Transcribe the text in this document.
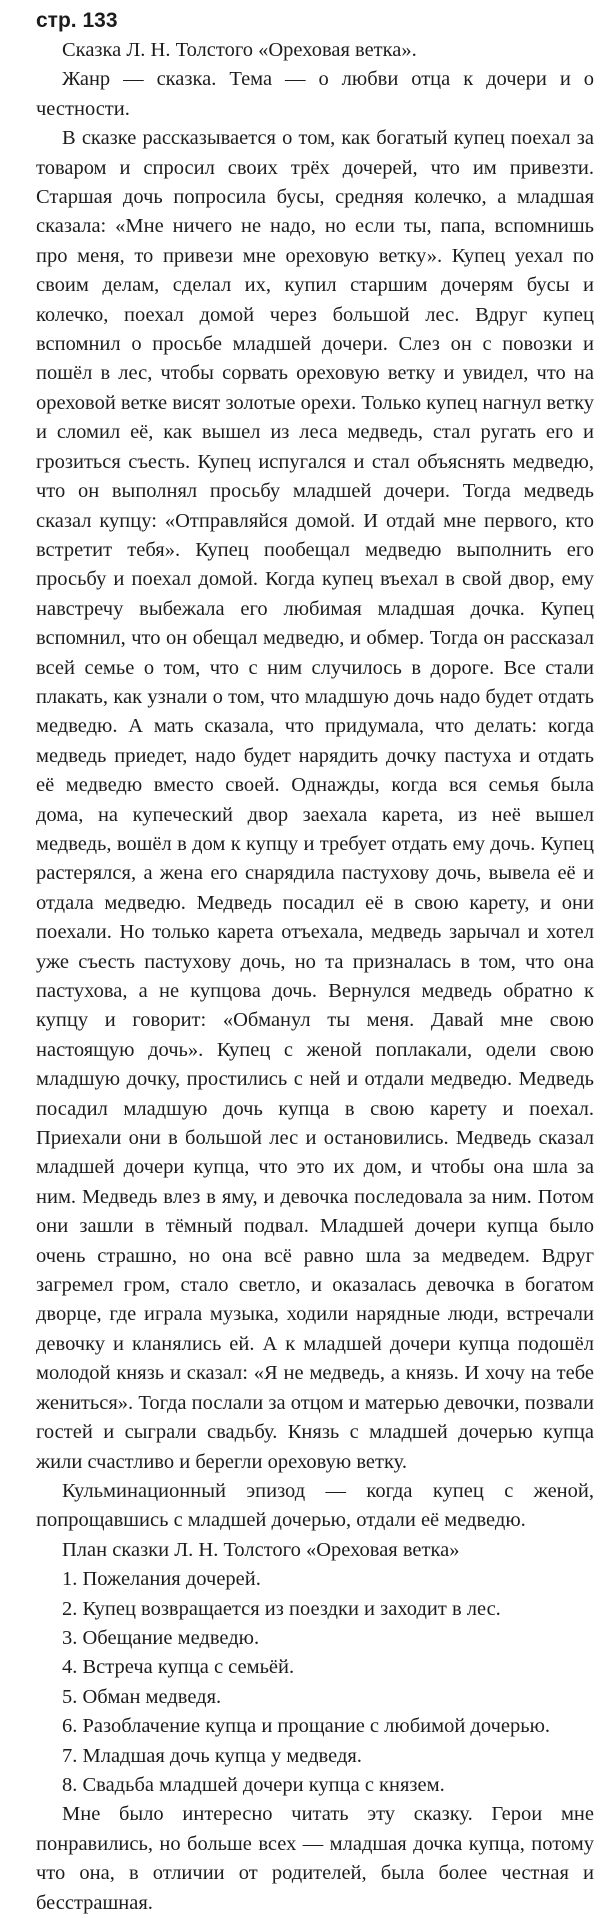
стр. 133

Сказка Л. Н. Толстого «Ореховая ветка».

Жанр — сказка. Тема — о любви отца к дочери и о честности.

В сказке рассказывается о том, как богатый купец поехал за товаром и спросил своих трёх дочерей, что им привезти. Старшая дочь попросила бусы, средняя колечко, а младшая сказала: «Мне ничего не надо, но если ты, папа, вспомнишь про меня, то привези мне ореховую ветку». Купец уехал по своим делам, сделал их, купил старшим дочерям бусы и колечко, поехал домой через большой лес. Вдруг купец вспомнил о просьбе младшей дочери. Слез он с повозки и пошёл в лес, чтобы сорвать ореховую ветку и увидел, что на ореховой ветке висят золотые орехи. Только купец нагнул ветку и сломил её, как вышел из леса медведь, стал ругать его и грозиться съесть. Купец испугался и стал объяснять медведю, что он выполнял просьбу младшей дочери. Тогда медведь сказал купцу: «Отправляйся домой. И отдай мне первого, кто встретит тебя». Купец пообещал медведю выполнить его просьбу и поехал домой. Когда купец въехал в свой двор, ему навстречу выбежала его любимая младшая дочка. Купец вспомнил, что он обещал медведю, и обмер. Тогда он рассказал всей семье о том, что с ним случилось в дороге. Все стали плакать, как узнали о том, что младшую дочь надо будет отдать медведю. А мать сказала, что придумала, что делать: когда медведь приедет, надо будет нарядить дочку пастуха и отдать её медведю вместо своей. Однажды, когда вся семья была дома, на купеческий двор заехала карета, из неё вышел медведь, вошёл в дом к купцу и требует отдать ему дочь. Купец растерялся, а жена его снарядила пастухову дочь, вывела её и отдала медведю. Медведь посадил её в свою карету, и они поехали. Но только карета отъехала, медведь зарычал и хотел уже съесть пастухову дочь, но та призналась в том, что она пастухова, а не купцова дочь. Вернулся медведь обратно к купцу и говорит: «Обманул ты меня. Давай мне свою настоящую дочь». Купец с женой поплакали, одели свою младшую дочку, простились с ней и отдали медведю. Медведь посадил младшую дочь купца в свою карету и поехал. Приехали они в большой лес и остановились. Медведь сказал младшей дочери купца, что это их дом, и чтобы она шла за ним. Медведь влез в яму, и девочка последовала за ним. Потом они зашли в тёмный подвал. Младшей дочери купца было очень страшно, но она всё равно шла за медведем. Вдруг загремел гром, стало светло, и оказалась девочка в богатом дворце, где играла музыка, ходили нарядные люди, встречали девочку и кланялись ей. А к младшей дочери купца подошёл молодой князь и сказал: «Я не медведь, а князь. И хочу на тебе жениться». Тогда послали за отцом и матерью девочки, позвали гостей и сыграли свадьбу. Князь с младшей дочерью купца жили счастливо и берегли ореховую ветку.

Кульминационный эпизод — когда купец с женой, попрощавшись с младшей дочерью, отдали её медведю.

План сказки Л. Н. Толстого «Ореховая ветка»

1. Пожелания дочерей.
2. Купец возвращается из поездки и заходит в лес.
3. Обещание медведю.
4. Встреча купца с семьёй.
5. Обман медведя.
6. Разоблачение купца и прощание с любимой дочерью.
7. Младшая дочь купца у медведя.
8. Свадьба младшей дочери купца с князем.

Мне было интересно читать эту сказку. Герои мне понравились, но больше всех — младшая дочка купца, потому что она, в отличии от родителей, была более честная и бесстрашная.
